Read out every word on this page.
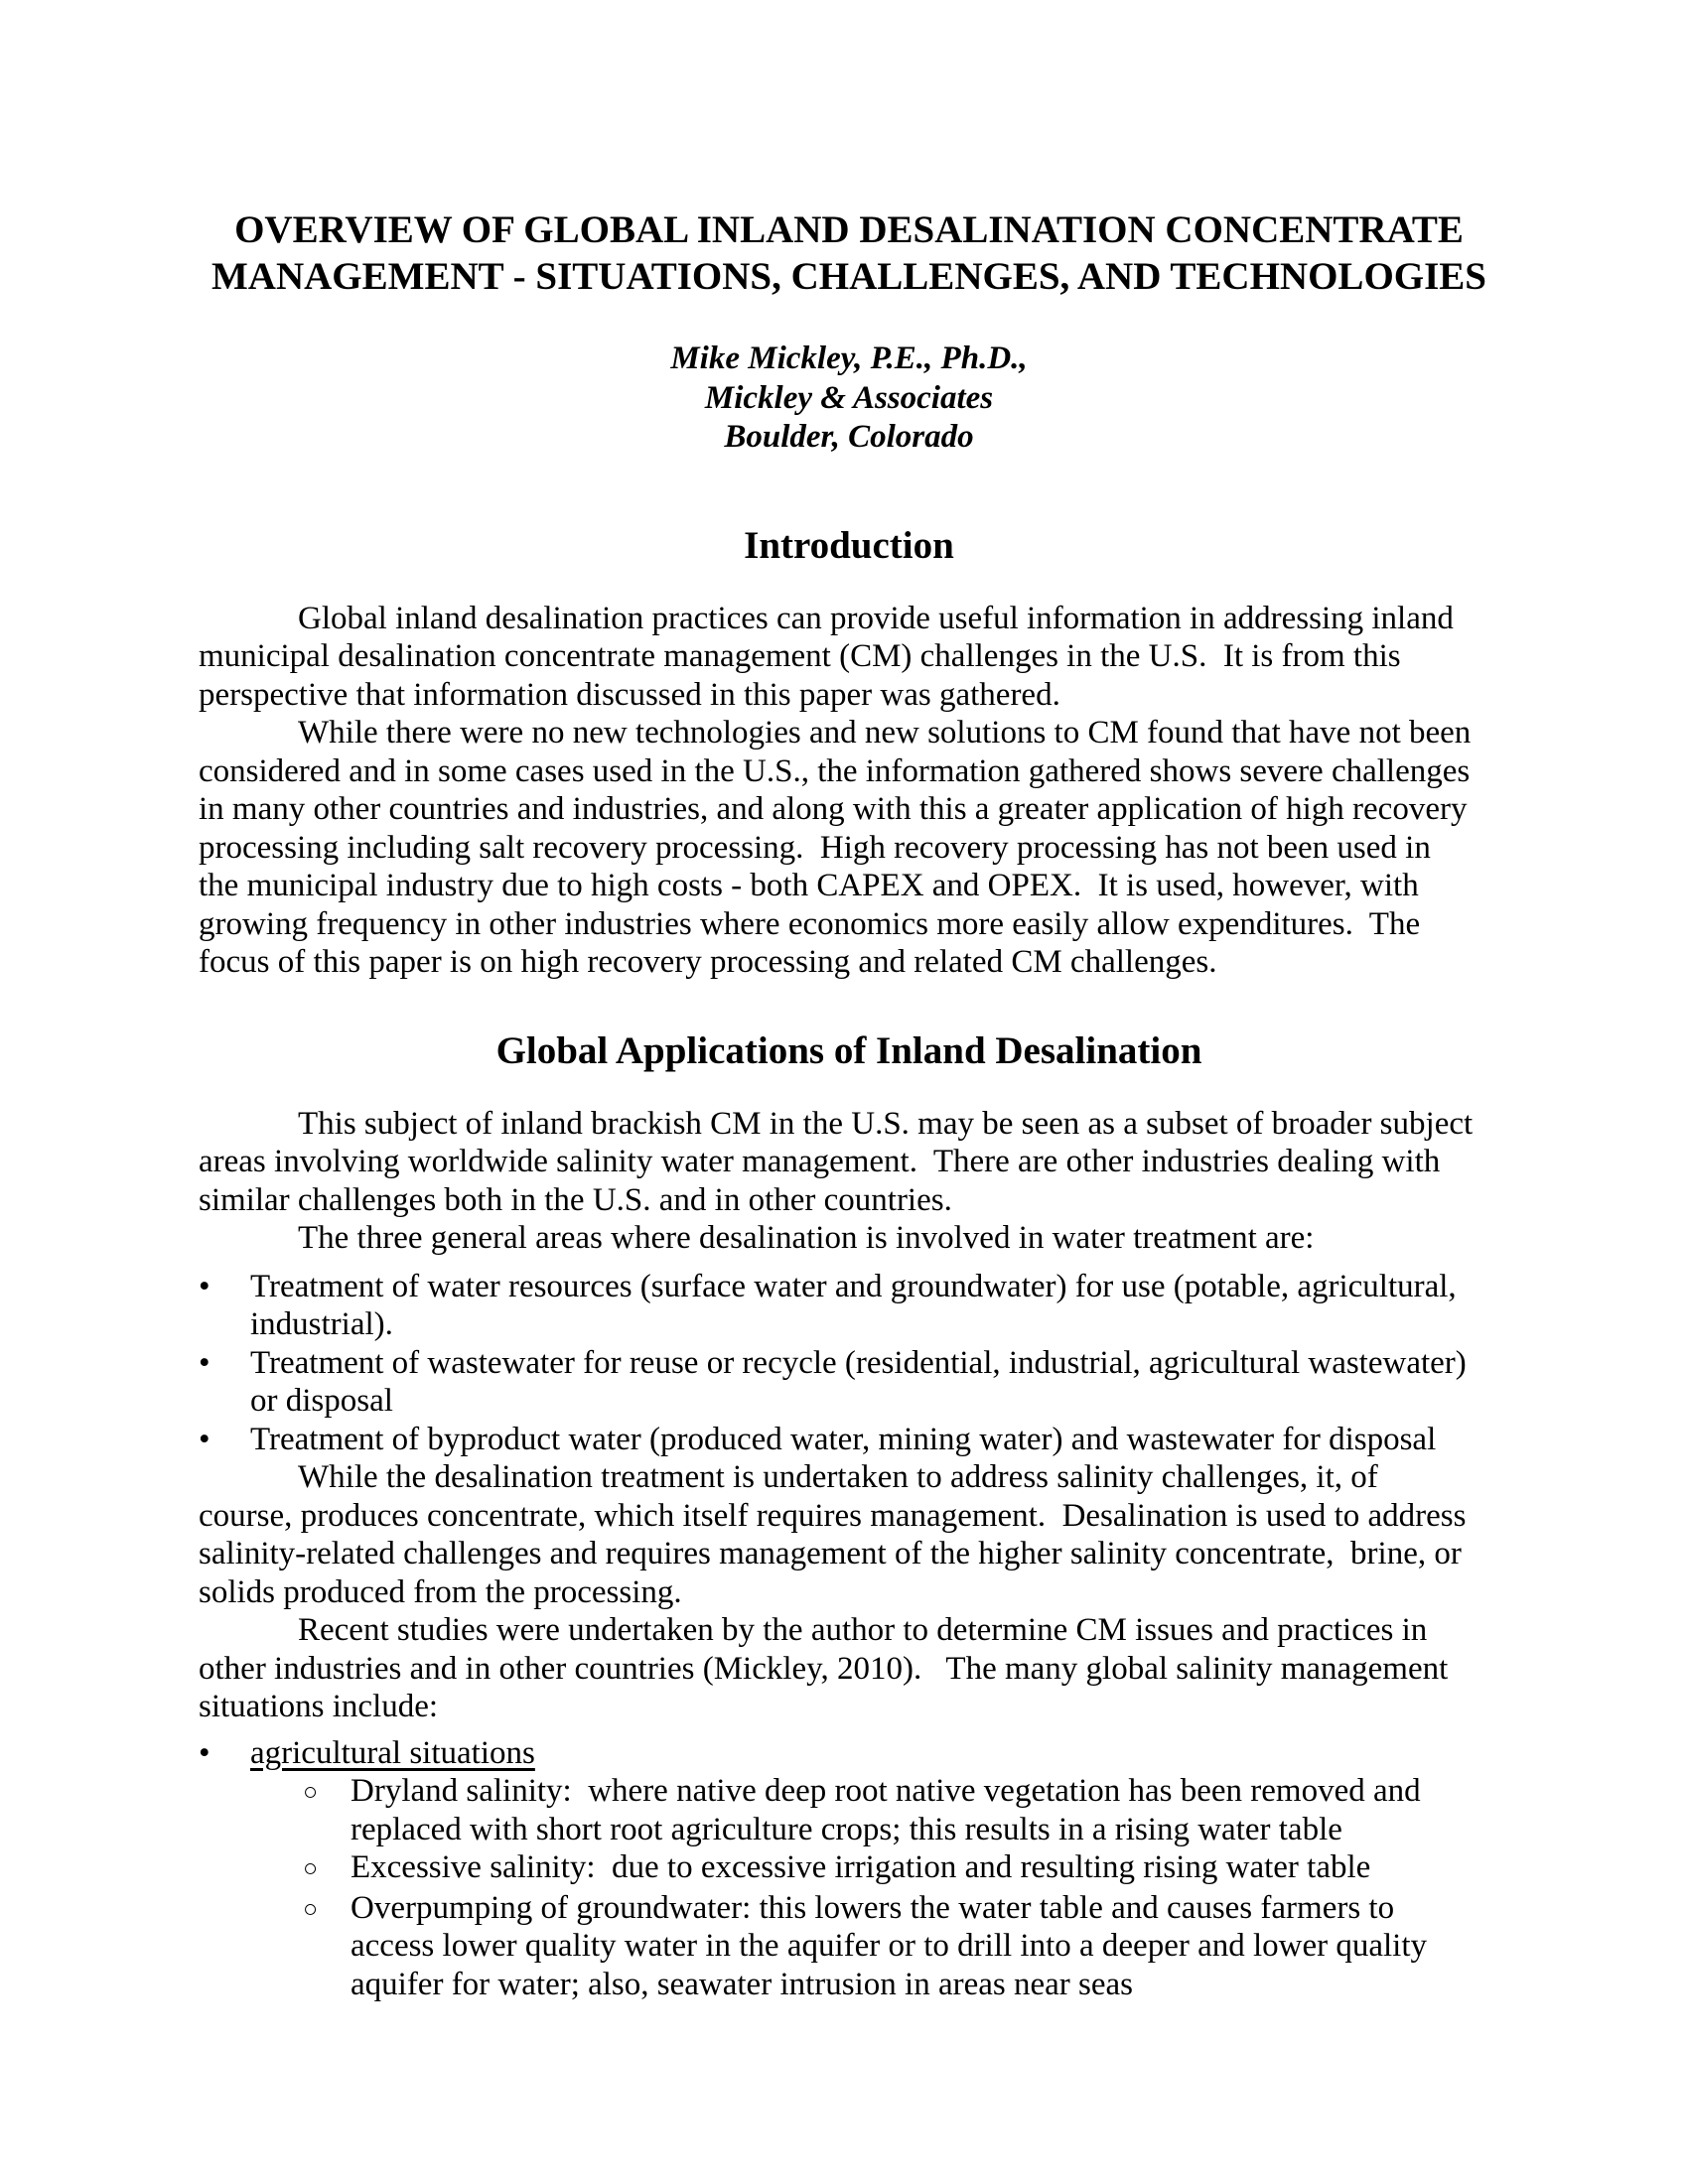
OVERVIEW OF GLOBAL INLAND DESALINATION CONCENTRATE
MANAGEMENT - SITUATIONS, CHALLENGES, AND TECHNOLOGIES
Mike Mickley, P.E., Ph.D.,
Mickley & Associates
Boulder, Colorado
Introduction
Global inland desalination practices can provide useful information in addressing inland
municipal desalination concentrate management (CM) challenges in the U.S.  It is from this
perspective that information discussed in this paper was gathered.
While there were no new technologies and new solutions to CM found that have not been
considered and in some cases used in the U.S., the information gathered shows severe challenges
in many other countries and industries, and along with this a greater application of high recovery
processing including salt recovery processing.  High recovery processing has not been used in
the municipal industry due to high costs - both CAPEX and OPEX.  It is used, however, with
growing frequency in other industries where economics more easily allow expenditures.  The
focus of this paper is on high recovery processing and related CM challenges.
Global Applications of Inland Desalination
This subject of inland brackish CM in the U.S. may be seen as a subset of broader subject
areas involving worldwide salinity water management.  There are other industries dealing with
similar challenges both in the U.S. and in other countries.
The three general areas where desalination is involved in water treatment are:
•	Treatment of water resources (surface water and groundwater) for use (potable, agricultural,
industrial).
•	Treatment of wastewater for reuse or recycle (residential, industrial, agricultural wastewater)
or disposal
•	Treatment of byproduct water (produced water, mining water) and wastewater for disposal
While the desalination treatment is undertaken to address salinity challenges, it, of
course, produces concentrate, which itself requires management.  Desalination is used to address
salinity-related challenges and requires management of the higher salinity concentrate,  brine, or
solids produced from the processing.
Recent studies were undertaken by the author to determine CM issues and practices in
other industries and in other countries (Mickley, 2010).   The many global salinity management
situations include:
•	agricultural situations
○ Dryland salinity:  where native deep root native vegetation has been removed and
replaced with short root agriculture crops; this results in a rising water table
○ Excessive salinity:  due to excessive irrigation and resulting rising water table
○ Overpumping of groundwater: this lowers the water table and causes farmers to
access lower quality water in the aquifer or to drill into a deeper and lower quality
aquifer for water; also, seawater intrusion in areas near seas
